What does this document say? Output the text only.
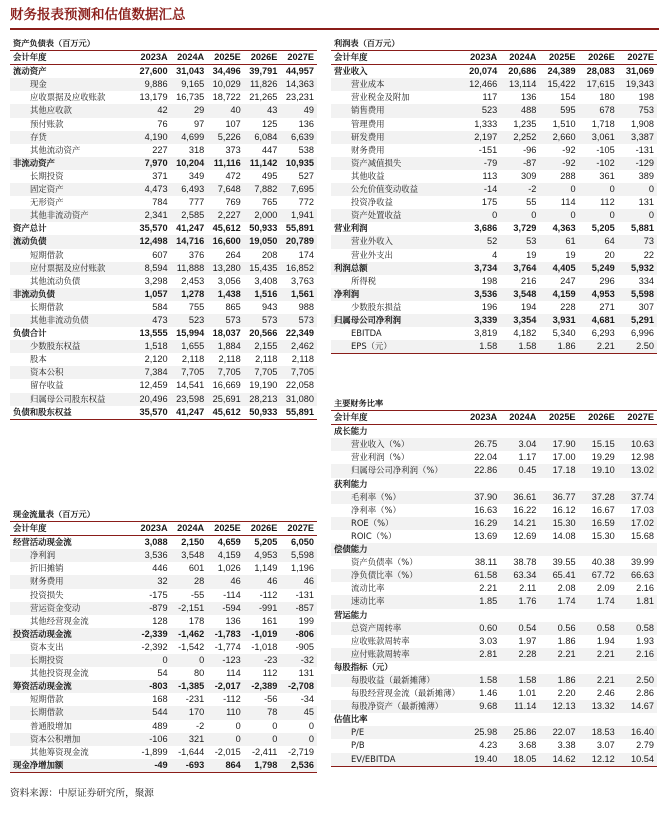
财务报表预测和估值数据汇总
资产负债表（百万元）					
会计年度	2023A	2024A	2025E	2026E	2027E
流动资产	27,600	31,043	34,496	39,791	44,957
现金	9,886	9,165	10,029	11,826	14,363
应收票据及应收账款	13,179	16,735	18,722	21,265	23,231
其他应收款	42	29	40	43	49
预付账款	76	97	107	125	136
存货	4,190	4,699	5,226	6,084	6,639
其他流动资产	227	318	373	447	538
非流动资产	7,970	10,204	11,116	11,142	10,935
长期投资	371	349	472	495	527
固定资产	4,473	6,493	7,648	7,882	7,695
无形资产	784	777	769	765	772
其他非流动资产	2,341	2,585	2,227	2,000	1,941
资产总计	35,570	41,247	45,612	50,933	55,891
流动负债	12,498	14,716	16,600	19,050	20,789
短期借款	607	376	264	208	174
应付票据及应付账款	8,594	11,888	13,280	15,435	16,852
其他流动负债	3,298	2,453	3,056	3,408	3,763
非流动负债	1,057	1,278	1,438	1,516	1,561
长期借款	584	755	865	943	988
其他非流动负债	473	523	573	573	573
负债合计	13,555	15,994	18,037	20,566	22,349
少数股东权益	1,518	1,655	1,884	2,155	2,462
股本	2,120	2,118	2,118	2,118	2,118
资本公积	7,384	7,705	7,705	7,705	7,705
留存收益	12,459	14,541	16,669	19,190	22,058
归属母公司股东权益	20,496	23,598	25,691	28,213	31,080
负债和股东权益	35,570	41,247	45,612	50,933	55,891
利润表（百万元）					
会计年度	2023A	2024A	2025E	2026E	2027E
营业收入	20,074	20,686	24,389	28,083	31,069
营业成本	12,466	13,114	15,422	17,615	19,343
营业税金及附加	117	136	154	180	198
销售费用	523	488	595	678	753
管理费用	1,333	1,235	1,510	1,718	1,908
研发费用	2,197	2,252	2,660	3,061	3,387
财务费用	-151	-96	-92	-105	-131
资产减值损失	-79	-87	-92	-102	-129
其他收益	113	309	288	361	389
公允价值变动收益	-14	-2	0	0	0
投资净收益	175	55	114	112	131
资产处置收益	0	0	0	0	0
营业利润	3,686	3,729	4,363	5,205	5,881
营业外收入	52	53	61	64	73
营业外支出	4	19	19	20	22
利润总额	3,734	3,764	4,405	5,249	5,932
所得税	198	216	247	296	334
净利润	3,536	3,548	4,159	4,953	5,598
少数股东损益	196	194	228	271	307
归属母公司净利润	3,339	3,354	3,931	4,681	5,291
EBITDA	3,819	4,182	5,340	6,293	6,996
EPS（元）	1.58	1.58	1.86	2.21	2.50
主要财务比率					
会计年度	2023A	2024A	2025E	2026E	2027E
成长能力					
营业收入（%）	26.75	3.04	17.90	15.15	10.63
营业利润（%）	22.04	1.17	17.00	19.29	12.98
归属母公司净利润（%）	22.86	0.45	17.18	19.10	13.02
获利能力					
毛利率（%）	37.90	36.61	36.77	37.28	37.74
净利率（%）	16.63	16.22	16.12	16.67	17.03
ROE（%）	16.29	14.21	15.30	16.59	17.02
ROIC（%）	13.69	12.69	14.08	15.30	15.68
偿债能力					
资产负债率（%）	38.11	38.78	39.55	40.38	39.99
净负债比率（%）	61.58	63.34	65.41	67.72	66.63
流动比率	2.21	2.11	2.08	2.09	2.16
速动比率	1.85	1.76	1.74	1.74	1.81
营运能力					
总资产周转率	0.60	0.54	0.56	0.58	0.58
应收账款周转率	3.03	1.97	1.86	1.94	1.93
应付账款周转率	2.81	2.28	2.21	2.21	2.16
每股指标（元）					
每股收益（最新摊薄）	1.58	1.58	1.86	2.21	2.50
每股经营现金流（最新摊薄）	1.46	1.01	2.20	2.46	2.86
每股净资产（最新摊薄）	9.68	11.14	12.13	13.32	14.67
估值比率					
P/E	25.98	25.86	22.07	18.53	16.40
P/B	4.23	3.68	3.38	3.07	2.79
EV/EBITDA	19.40	18.05	14.62	12.12	10.54
现金流量表（百万元）					
会计年度	2023A	2024A	2025E	2026E	2027E
经营活动现金流	3,088	2,150	4,659	5,205	6,050
净利润	3,536	3,548	4,159	4,953	5,598
折旧摊销	446	601	1,026	1,149	1,196
财务费用	32	28	46	46	46
投资损失	-175	-55	-114	-112	-131
营运资金变动	-879	-2,151	-594	-991	-857
其他经营现金流	128	178	136	161	199
投资活动现金流	-2,339	-1,462	-1,783	-1,019	-806
资本支出	-2,392	-1,542	-1,774	-1,018	-905
长期投资	0	0	-123	-23	-32
其他投资现金流	54	80	114	112	131
筹资活动现金流	-803	-1,385	-2,017	-2,389	-2,708
短期借款	168	-231	-112	-56	-34
长期借款	544	170	110	78	45
普通股增加	489	-2	0	0	0
资本公积增加	-106	321	0	0	0
其他筹资现金流	-1,899	-1,644	-2,015	-2,411	-2,719
现金净增加额	-49	-693	864	1,798	2,536
资料来源：中原证券研究所，聚源
